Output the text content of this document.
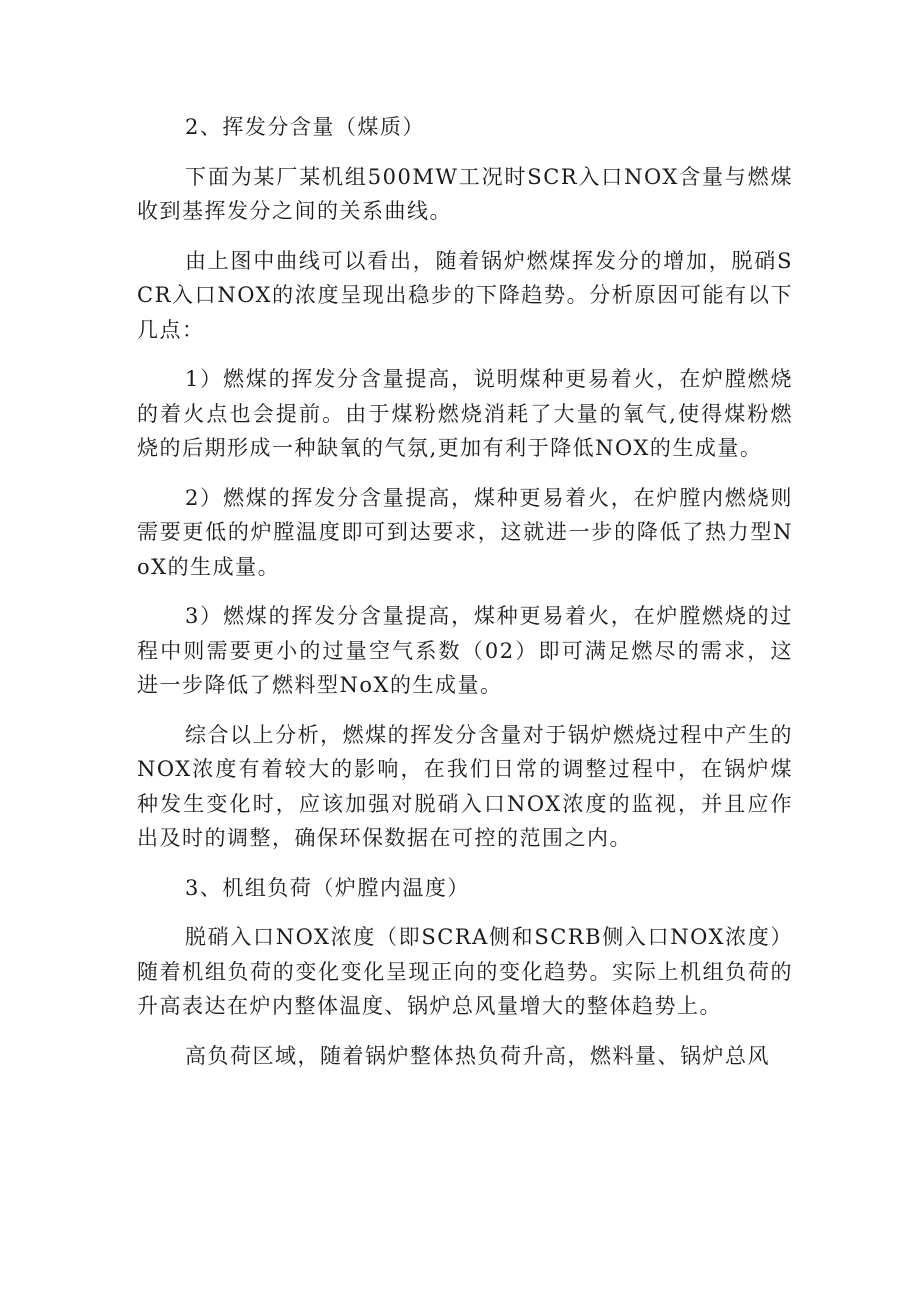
2、挥发分含量（煤质）

下面为某厂某机组500MW工况时SCR入口NOX含量与燃煤收到基挥发分之间的关系曲线。

由上图中曲线可以看出，随着锅炉燃煤挥发分的增加，脱硝SCR入口NOX的浓度呈现出稳步的下降趋势。分析原因可能有以下几点：

1）燃煤的挥发分含量提高，说明煤种更易着火，在炉膛燃烧的着火点也会提前。由于煤粉燃烧消耗了大量的氧气,使得煤粉燃烧的后期形成一种缺氧的气氛,更加有利于降低NOX的生成量。

2）燃煤的挥发分含量提高，煤种更易着火，在炉膛内燃烧则需要更低的炉膛温度即可到达要求，这就进一步的降低了热力型NoX的生成量。

3）燃煤的挥发分含量提高，煤种更易着火，在炉膛燃烧的过程中则需要更小的过量空气系数（02）即可满足燃尽的需求，这进一步降低了燃料型NoX的生成量。

综合以上分析，燃煤的挥发分含量对于锅炉燃烧过程中产生的NOX浓度有着较大的影响，在我们日常的调整过程中，在锅炉煤种发生变化时，应该加强对脱硝入口NOX浓度的监视，并且应作出及时的调整，确保环保数据在可控的范围之内。

3、机组负荷（炉膛内温度）

脱硝入口NOX浓度（即SCRA侧和SCRB侧入口NOX浓度）随着机组负荷的变化变化呈现正向的变化趋势。实际上机组负荷的升高表达在炉内整体温度、锅炉总风量增大的整体趋势上。

高负荷区域，随着锅炉整体热负荷升高，燃料量、锅炉总风
